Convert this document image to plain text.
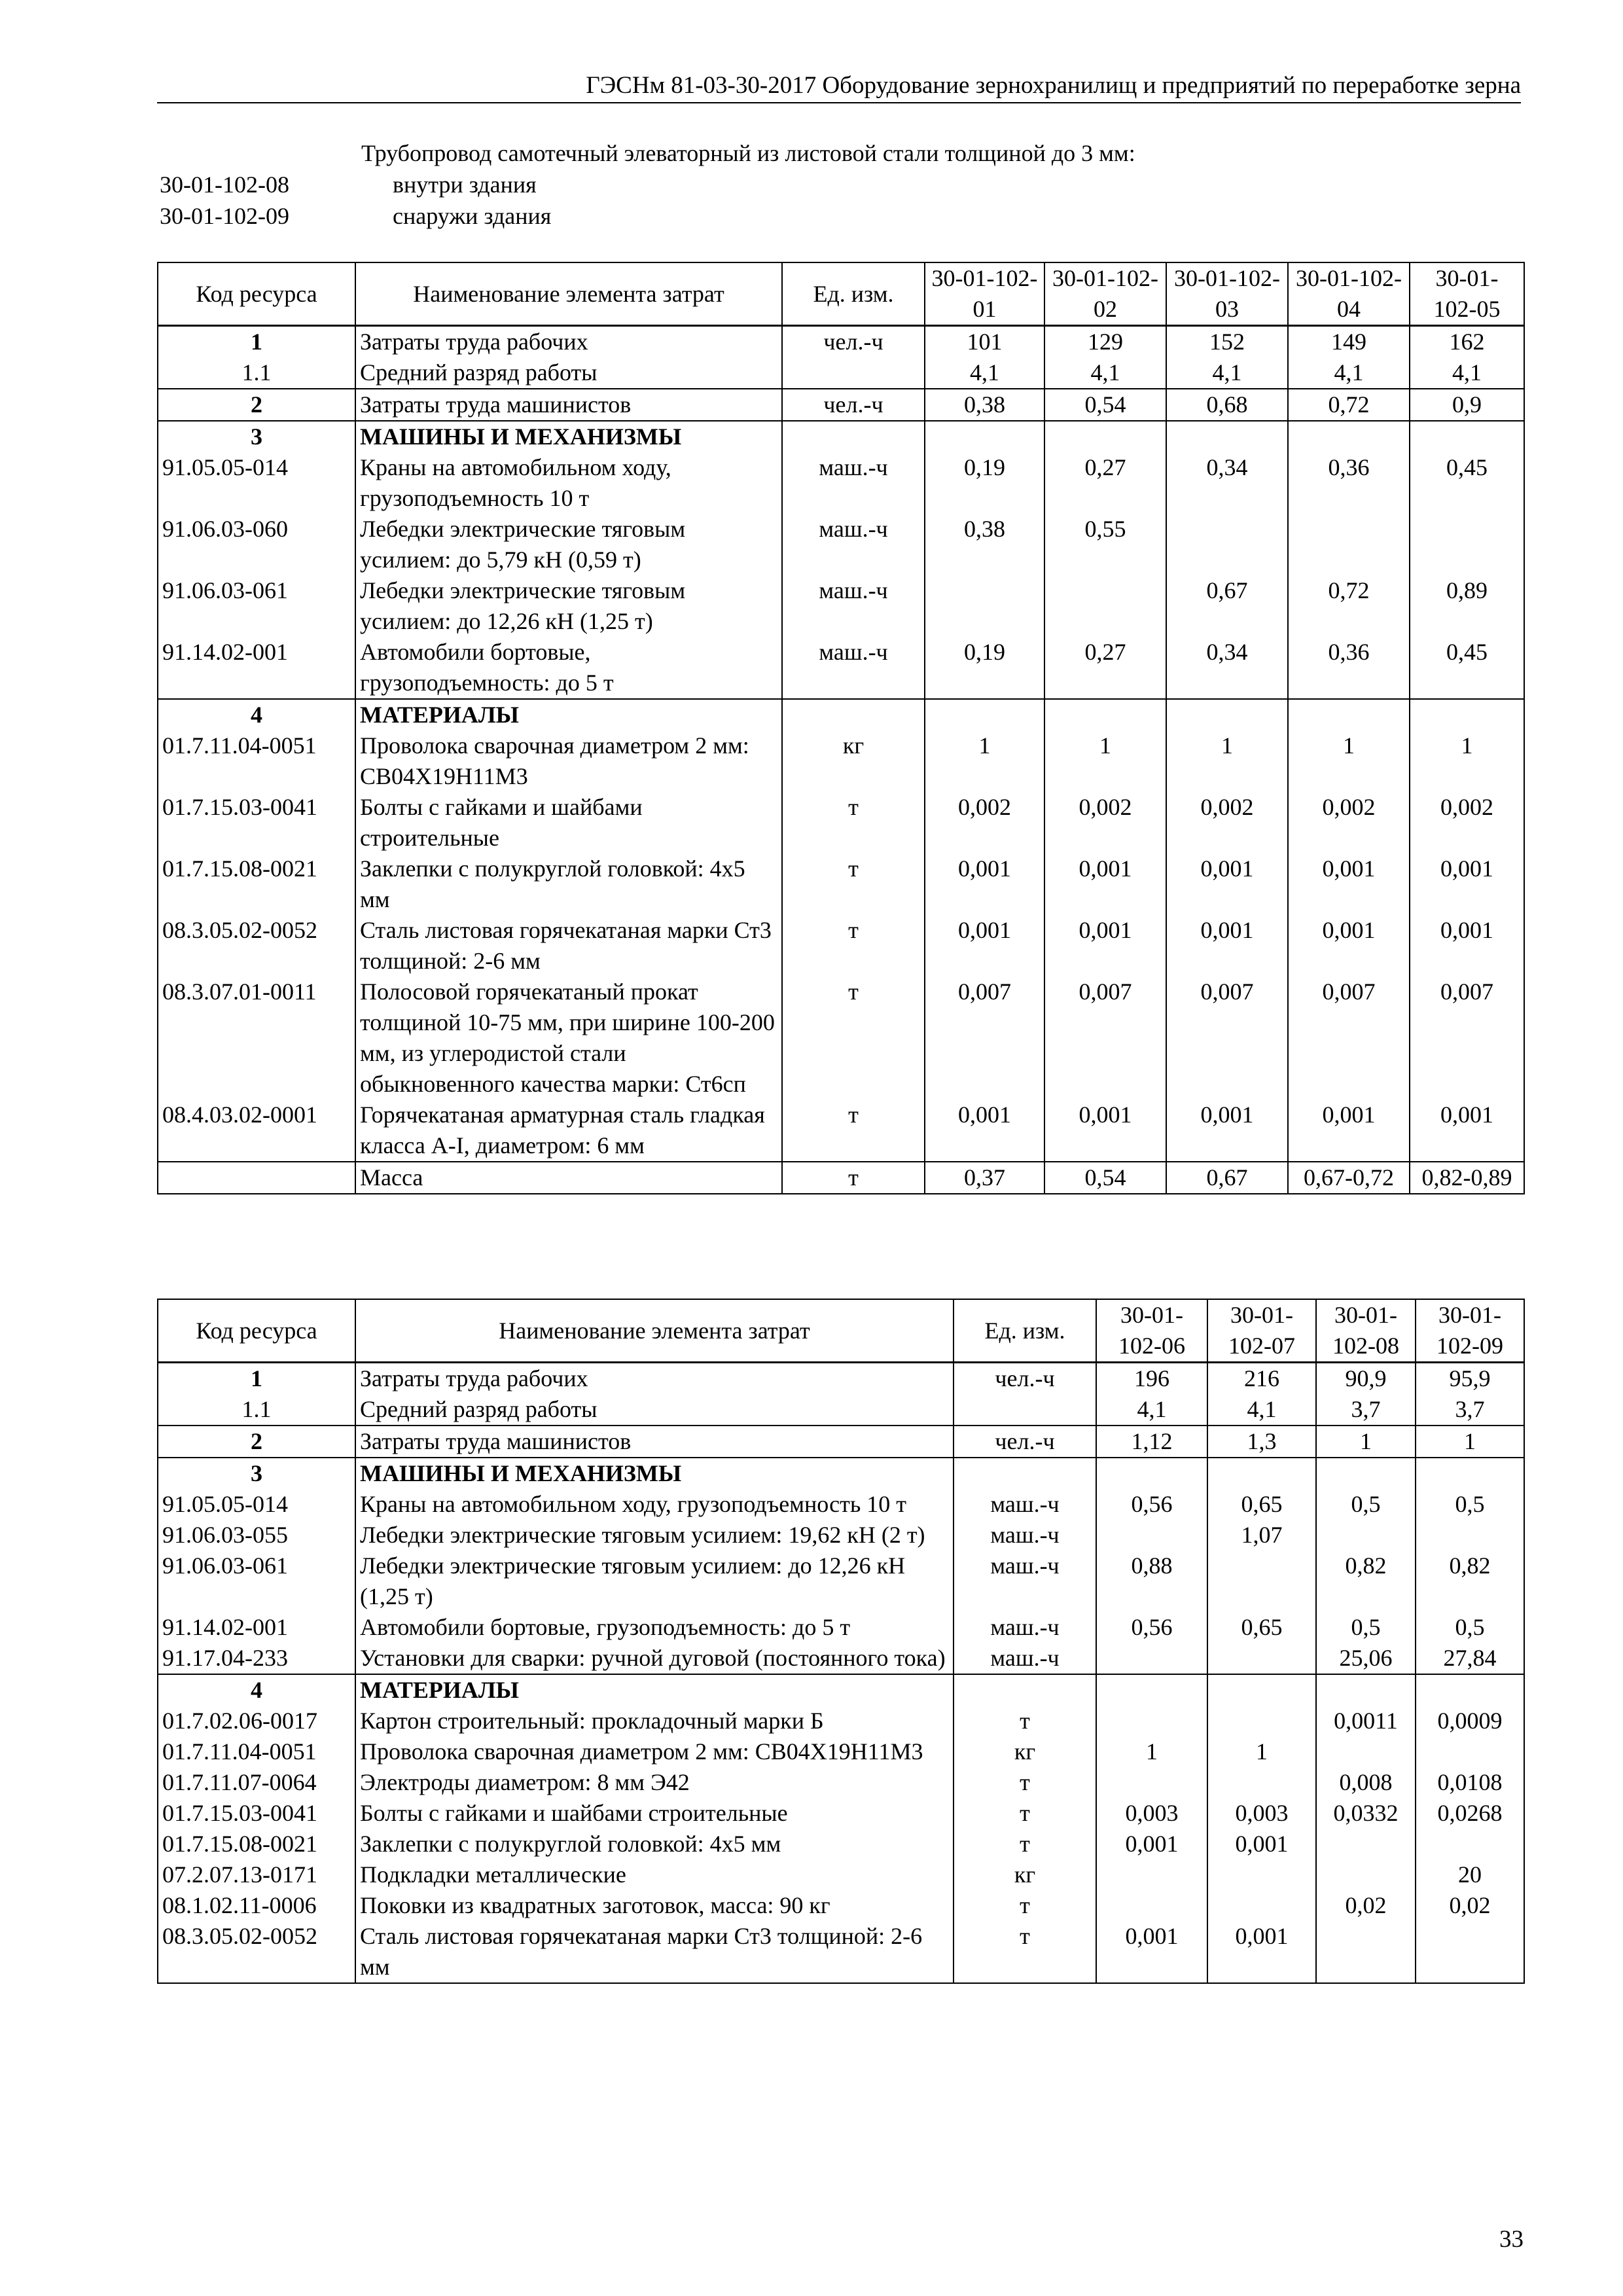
ГЭСНм 81-03-30-2017 Оборудование зернохранилищ и предприятий по переработке зерна
Трубопровод самотечный элеваторный из листовой стали толщиной до 3 мм:
30-01-102-08	внутри здания
30-01-102-09	снаружи здания
Код ресурса	Наименование элемента затрат	Ед. изм.	30-01-102-01	30-01-102-02	30-01-102-03	30-01-102-04	30-01-102-05
1	Затраты труда рабочих	чел.-ч	101	129	152	149	162
1.1	Средний разряд работы		4,1	4,1	4,1	4,1	4,1
2	Затраты труда машинистов	чел.-ч	0,38	0,54	0,68	0,72	0,9
3	МАШИНЫ И МЕХАНИЗМЫ						
91.05.05-014	Краны на автомобильном ходу, грузоподъемность 10 т	маш.-ч	0,19	0,27	0,34	0,36	0,45
91.06.03-060	Лебедки электрические тяговым усилием: до 5,79 кН (0,59 т)	маш.-ч	0,38	0,55			
91.06.03-061	Лебедки электрические тяговым усилием: до 12,26 кН (1,25 т)	маш.-ч			0,67	0,72	0,89
91.14.02-001	Автомобили бортовые, грузоподъемность: до 5 т	маш.-ч	0,19	0,27	0,34	0,36	0,45
4	МАТЕРИАЛЫ						
01.7.11.04-0051	Проволока сварочная диаметром 2 мм: СВ04Х19Н11М3	кг	1	1	1	1	1
01.7.15.03-0041	Болты с гайками и шайбами строительные	т	0,002	0,002	0,002	0,002	0,002
01.7.15.08-0021	Заклепки с полукруглой головкой: 4х5 мм	т	0,001	0,001	0,001	0,001	0,001
08.3.05.02-0052	Сталь листовая горячекатаная марки Ст3 толщиной: 2-6 мм	т	0,001	0,001	0,001	0,001	0,001
08.3.07.01-0011	Полосовой горячекатаный прокат толщиной 10-75 мм, при ширине 100-200 мм, из углеродистой стали обыкновенного качества марки: Ст6сп	т	0,007	0,007	0,007	0,007	0,007
08.4.03.02-0001	Горячекатаная арматурная сталь гладкая класса А-I, диаметром: 6 мм	т	0,001	0,001	0,001	0,001	0,001
	Масса	т	0,37	0,54	0,67	0,67-0,72	0,82-0,89
Код ресурса	Наименование элемента затрат	Ед. изм.	30-01-102-06	30-01-102-07	30-01-102-08	30-01-102-09
1	Затраты труда рабочих	чел.-ч	196	216	90,9	95,9
1.1	Средний разряд работы		4,1	4,1	3,7	3,7
2	Затраты труда машинистов	чел.-ч	1,12	1,3	1	1
3	МАШИНЫ И МЕХАНИЗМЫ					
91.05.05-014	Краны на автомобильном ходу, грузоподъемность 10 т	маш.-ч	0,56	0,65	0,5	0,5
91.06.03-055	Лебедки электрические тяговым усилием: 19,62 кН (2 т)	маш.-ч		1,07		
91.06.03-061	Лебедки электрические тяговым усилием: до 12,26 кН (1,25 т)	маш.-ч	0,88		0,82	0,82
91.14.02-001	Автомобили бортовые, грузоподъемность: до 5 т	маш.-ч	0,56	0,65	0,5	0,5
91.17.04-233	Установки для сварки: ручной дуговой (постоянного тока)	маш.-ч			25,06	27,84
4	МАТЕРИАЛЫ					
01.7.02.06-0017	Картон строительный: прокладочный марки Б	т			0,0011	0,0009
01.7.11.04-0051	Проволока сварочная диаметром 2 мм: СВ04Х19Н11М3	кг	1	1		
01.7.11.07-0064	Электроды диаметром: 8 мм Э42	т			0,008	0,0108
01.7.15.03-0041	Болты с гайками и шайбами строительные	т	0,003	0,003	0,0332	0,0268
01.7.15.08-0021	Заклепки с полукруглой головкой: 4х5 мм	т	0,001	0,001		
07.2.07.13-0171	Подкладки металлические	кг				20
08.1.02.11-0006	Поковки из квадратных заготовок, масса: 90 кг	т			0,02	0,02
08.3.05.02-0052	Сталь листовая горячекатаная марки Ст3 толщиной: 2-6 мм	т	0,001	0,001		
33
